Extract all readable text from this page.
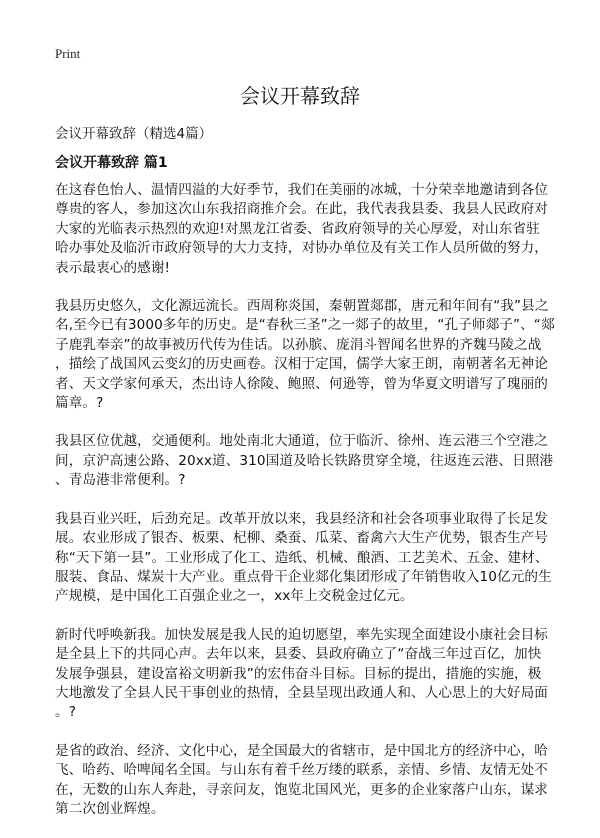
Print
会议开幕致辞
会议开幕致辞（精选4篇）
会议开幕致辞 篇1
在这春色怡人、温情四溢的大好季节，我们在美丽的冰城，十分荣幸地邀请到各位
尊贵的客人，参加这次山东我招商推介会。在此，我代表我县委、我县人民政府对
大家的光临表示热烈的欢迎!对黑龙江省委、省政府领导的关心厚爱，对山东省驻
哈办事处及临沂市政府领导的大力支持，对协办单位及有关工作人员所做的努力，
表示最衷心的感谢!
我县历史悠久，文化源远流长。西周称炎国，秦朝置郯郡，唐元和年间有“我”县之
名,至今已有3000多年的历史。是“春秋三圣”之一郯子的故里，“孔子师郯子”、“郯
子鹿乳奉亲”的故事被历代传为佳话。以孙膑、庞涓斗智闻名世界的齐魏马陵之战
，描绘了战国风云变幻的历史画卷。汉相于定国，儒学大家王朗，南朝著名无神论
者、天文学家何承天，杰出诗人徐陵、鲍照、何逊等，曾为华夏文明谱写了瑰丽的
篇章。?
我县区位优越，交通便利。地处南北大通道，位于临沂、徐州、连云港三个空港之
间，京沪高速公路、20xx道、310国道及哈长铁路贯穿全境，往返连云港、日照港
、青岛港非常便利。?
我县百业兴旺，后劲充足。改革开放以来，我县经济和社会各项事业取得了长足发
展。农业形成了银杏、板栗、杞柳、桑蚕、瓜菜、畜禽六大生产优势，银杏生产号
称“天下第一县”。工业形成了化工、造纸、机械、酿酒、工艺美术、五金、建材、
服装、食品、煤炭十大产业。重点骨干企业郯化集团形成了年销售收入10亿元的生
产规模，是中国化工百强企业之一，xx年上交税金过亿元。
新时代呼唤新我。加快发展是我人民的迫切愿望，率先实现全面建设小康社会目标
是全县上下的共同心声。去年以来，县委、县政府确立了“奋战三年过百亿，加快
发展争强县，建设富裕文明新我”的宏伟奋斗目标。目标的提出，措施的实施，极
大地激发了全县人民干事创业的热情，全县呈现出政通人和、人心思上的大好局面
。?
是省的政治、经济、文化中心，是全国最大的省辖市，是中国北方的经济中心，哈
飞、哈药、哈啤闻名全国。与山东有着千丝万缕的联系，亲情、乡情、友情无处不
在，无数的山东人奔赴，寻亲问友，饱览北国风光，更多的企业家落户山东，谋求
第二次创业辉煌。
